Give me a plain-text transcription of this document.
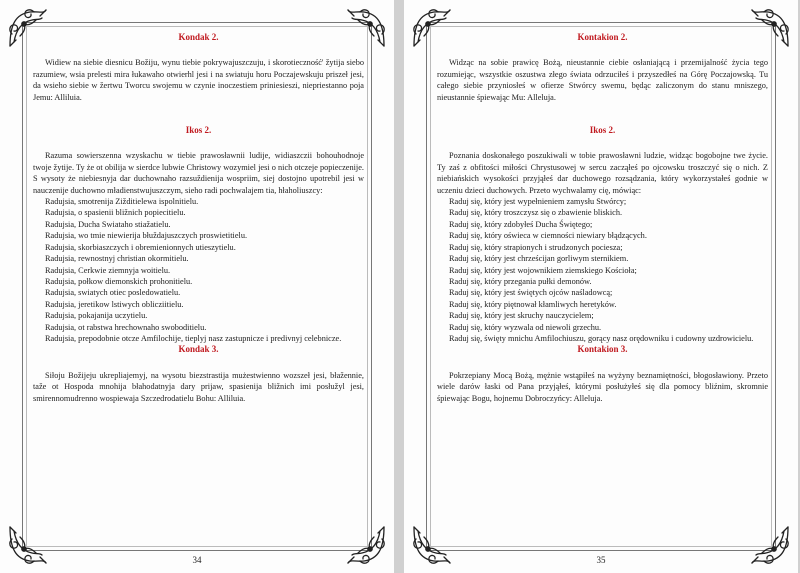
Kondak 2.

Widiew na siebie diesnicu Božiju, wynu tiebie pokrywajuszczuju, i skorotieczność' žytija siebo razumiew, wsia prelesti mira łukawaho otwierhl jesi i na swiatuju horu Poczajewskuju priszeł jesi, da wsieho siebie w žertwu Tworcu swojemu w czynie inoczestiem priniesieszi, niepriestanno poja Jemu: Alliluia.

Ikos 2.

Razuma sowierszenna wzyskachu w tiebie prawosławnii ludije, widiaszczii bohouhodnoje twoje žytije. Ty że ot obilija w sierdce lubwie Christowy wozymiel jesi o nich otczeje popieczenije. S wysoty że niebiesnyja dar duchownaho razsuždienija wospriim, siej dostojno upotrebil jesi w nauczenije duchowno mładienstwujuszczym, sieho radi pochwalajem tia, hłaholiuszcy:

Radujsia, smotrenija Zižditielewa ispolnitielu.
Radujsia, o spasienii bližnich popiecitielu.
Radujsia, Ducha Swiataho stiažatielu.
Radujsia, wo tmie niewierija błuždajuszczych proswietitielu.
Radujsia, skorbiaszczych i obremienionnych utieszytielu.
Radujsia, rewnostnyj christian okormitielu.
Radujsia, Cerkwie ziemnyja woitielu.
Radujsia, połkow diemonskich prohonitielu.
Radujsia, swiatych otiec posledowatielu.
Radujsia, jeretikow lstiwych oblicziitielu.
Radujsia, pokajanija uczytielu.
Radujsia, ot rabstwa hrechownaho swoboditielu.
Radujsia, prepodobnie otcze Amfilochije, tieplyj nasz zastupnicze i predivnyj celebnicze.
Kondak 3.

Siłoju Božijeju ukrepliajemyj, na wysotu biezstrastija mużestwienno wozszeł jesi, błažennie, taže ot Hospoda mnohija błahodatnyja dary prijaw, spasienija bližnich imi posłužyl jesi, smirennomudrenno wospiewaja Szczedrodatielu Bohu: Alliluia.

34
Kontakion 2.

Widząc na sobie prawicę Bożą, nieustannie ciebie osłaniającą i przemijalność życia tego rozumiejąc, wszystkie oszustwa złego świata odrzuciłeś i przyszedłeś na Górę Poczajowską. Tu całego siebie przyniosłeś w ofierze Stwórcy swemu, będąc zaliczonym do stanu mniszego, nieustannie śpiewając Mu: Alleluja.

Ikos 2.

Poznania doskonałego poszukiwali w tobie prawosławni ludzie, widząc bogobojne twe życie. Ty zaś z obfitości miłości Chrystusowej w sercu zacząłeś po ojcowsku troszczyć się o nich. Z niebiańskich wysokości przyjąłeś dar duchowego rozsądzania, który wykorzystałeś godnie w uczeniu dzieci duchowych. Przeto wychwalamy cię, mówiąc:

Raduj się, który jest wypełnieniem zamysłu Stwórcy;
Raduj się, który troszczysz się o zbawienie bliskich.
Raduj się, który zdobyłeś Ducha Świętego;
Raduj się, który oświeca w ciemności niewiary błądzących.
Raduj się, który strapionych i strudzonych pociesza;
Raduj się, który jest chrześcijan gorliwym sternikiem.
Raduj się, który jest wojownikiem ziemskiego Kościoła;
Raduj się, który przegania pułki demonów.
Raduj się, który jest świętych ojców naśladowcą;
Raduj się, który piętnował kłamliwych heretyków.
Raduj się, który jest skruchy nauczycielem;
Raduj się, który wyzwala od niewoli grzechu.
Raduj się, święty mnichu Amfilochiuszu, gorący nasz orędowniku i cudowny uzdrowicielu.
Kontakion 3.

Pokrzepiany Mocą Bożą, mężnie wstąpiłeś na wyżyny beznamiętności, błogosławiony. Przeto wiele darów łaski od Pana przyjąłeś, którymi posłużyłeś się dla pomocy bliźnim, skromnie śpiewając Bogu, hojnemu Dobroczyńcy: Alleluja.

35
